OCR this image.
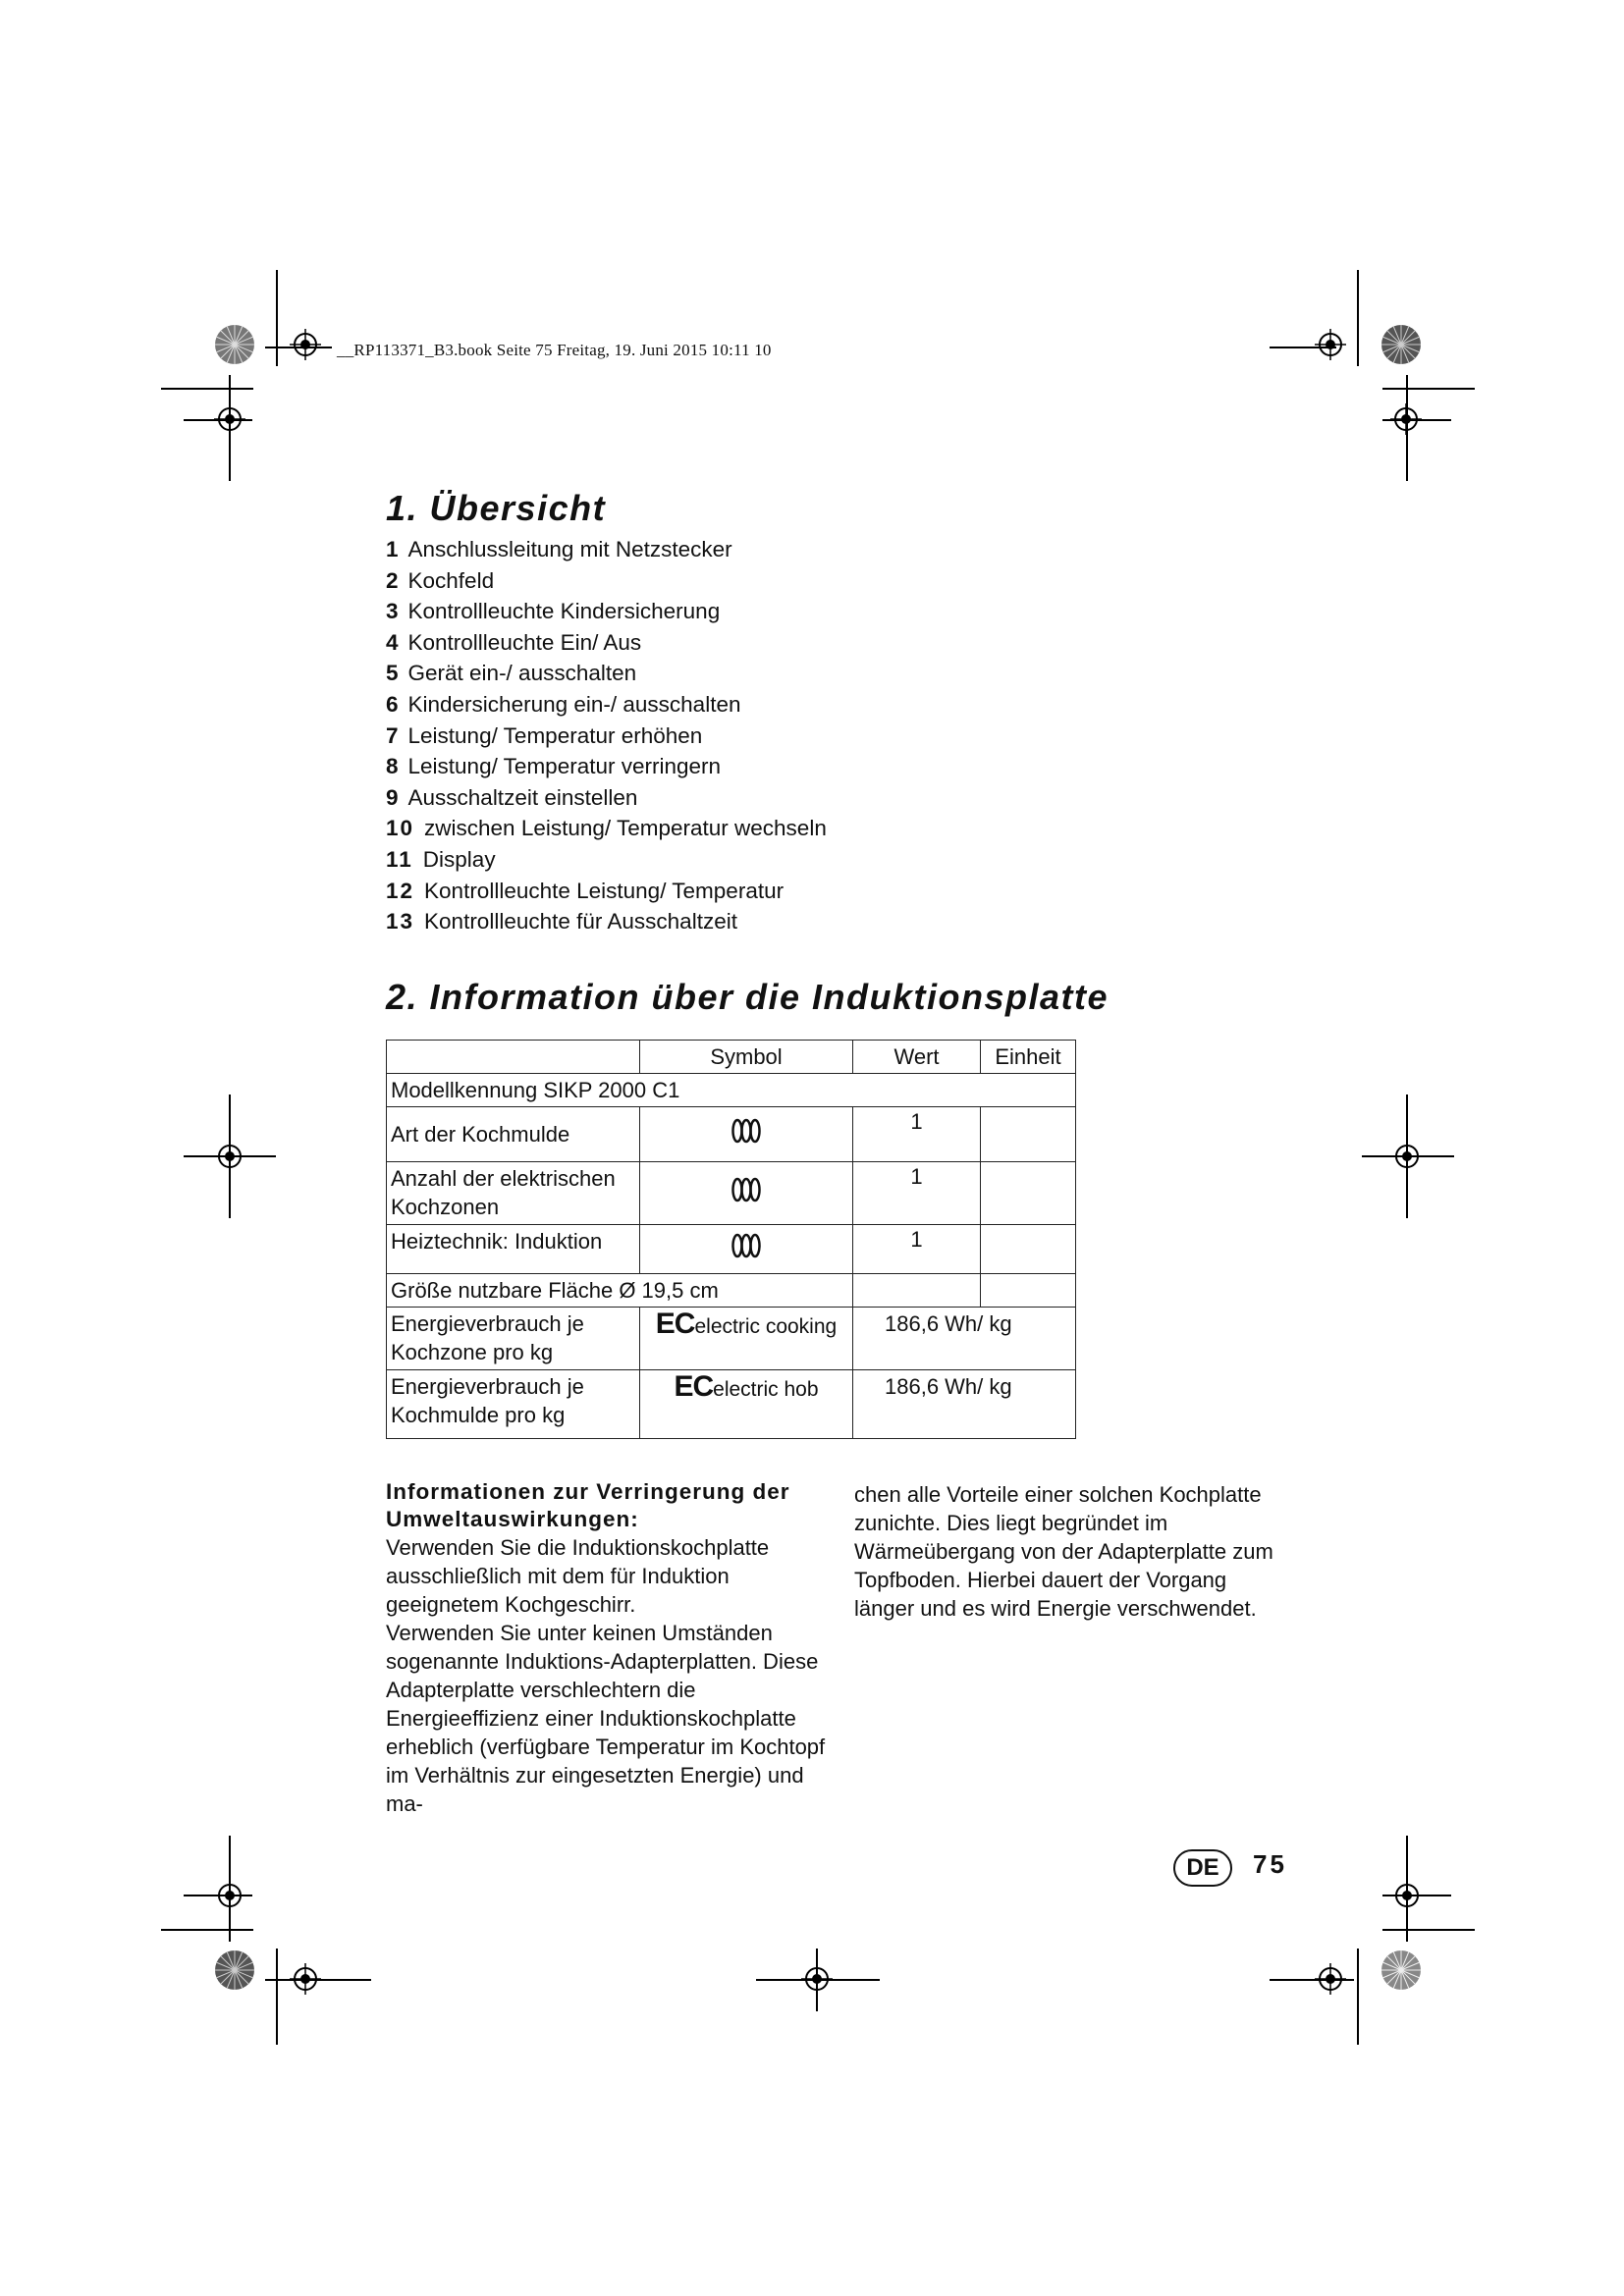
__RP113371_B3.book Seite 75 Freitag, 19. Juni 2015 10:11 10
1. Übersicht
1 Anschlussleitung mit Netzstecker
2 Kochfeld
3 Kontrollleuchte Kindersicherung
4 Kontrollleuchte Ein/ Aus
5 Gerät ein-/ ausschalten
6 Kindersicherung ein-/ ausschalten
7 Leistung/ Temperatur erhöhen
8 Leistung/ Temperatur verringern
9 Ausschaltzeit einstellen
10 zwischen Leistung/ Temperatur wechseln
11 Display
12 Kontrollleuchte Leistung/ Temperatur
13 Kontrollleuchte für Ausschaltzeit
2. Information über die Induktionsplatte
	Symbol	Wert	Einheit
Modellkennung SIKP 2000 C1			
Art der Kochmulde		1	
Anzahl der elektrischen Kochzonen		1	
Heiztechnik: Induktion		1	
Größe nutzbare Fläche Ø 19,5 cm			
Energieverbrauch je Kochzone pro kg	ECelectric cooking	186,6 Wh/ kg	
Energieverbrauch je Kochmulde pro kg	ECelectric hob	186,6 Wh/ kg	
Informationen zur Verringerung der Umweltauswirkungen:

Verwenden Sie die Induktionskochplatte ausschließlich mit dem für Induktion geeignetem Kochgeschirr.

Verwenden Sie unter keinen Umständen sogenannte Induktions-Adapterplatten. Diese Adapterplatte verschlechtern die Energieeffizienz einer Induktionskochplatte erheblich (verfügbare Temperatur im Kochtopf im Verhältnis zur eingesetzten Energie) und ma-

chen alle Vorteile einer solchen Kochplatte zunichte. Dies liegt begründet im Wärmeübergang von der Adapterplatte zum Topfboden. Hierbei dauert der Vorgang länger und es wird Energie verschwendet.

DE	75
